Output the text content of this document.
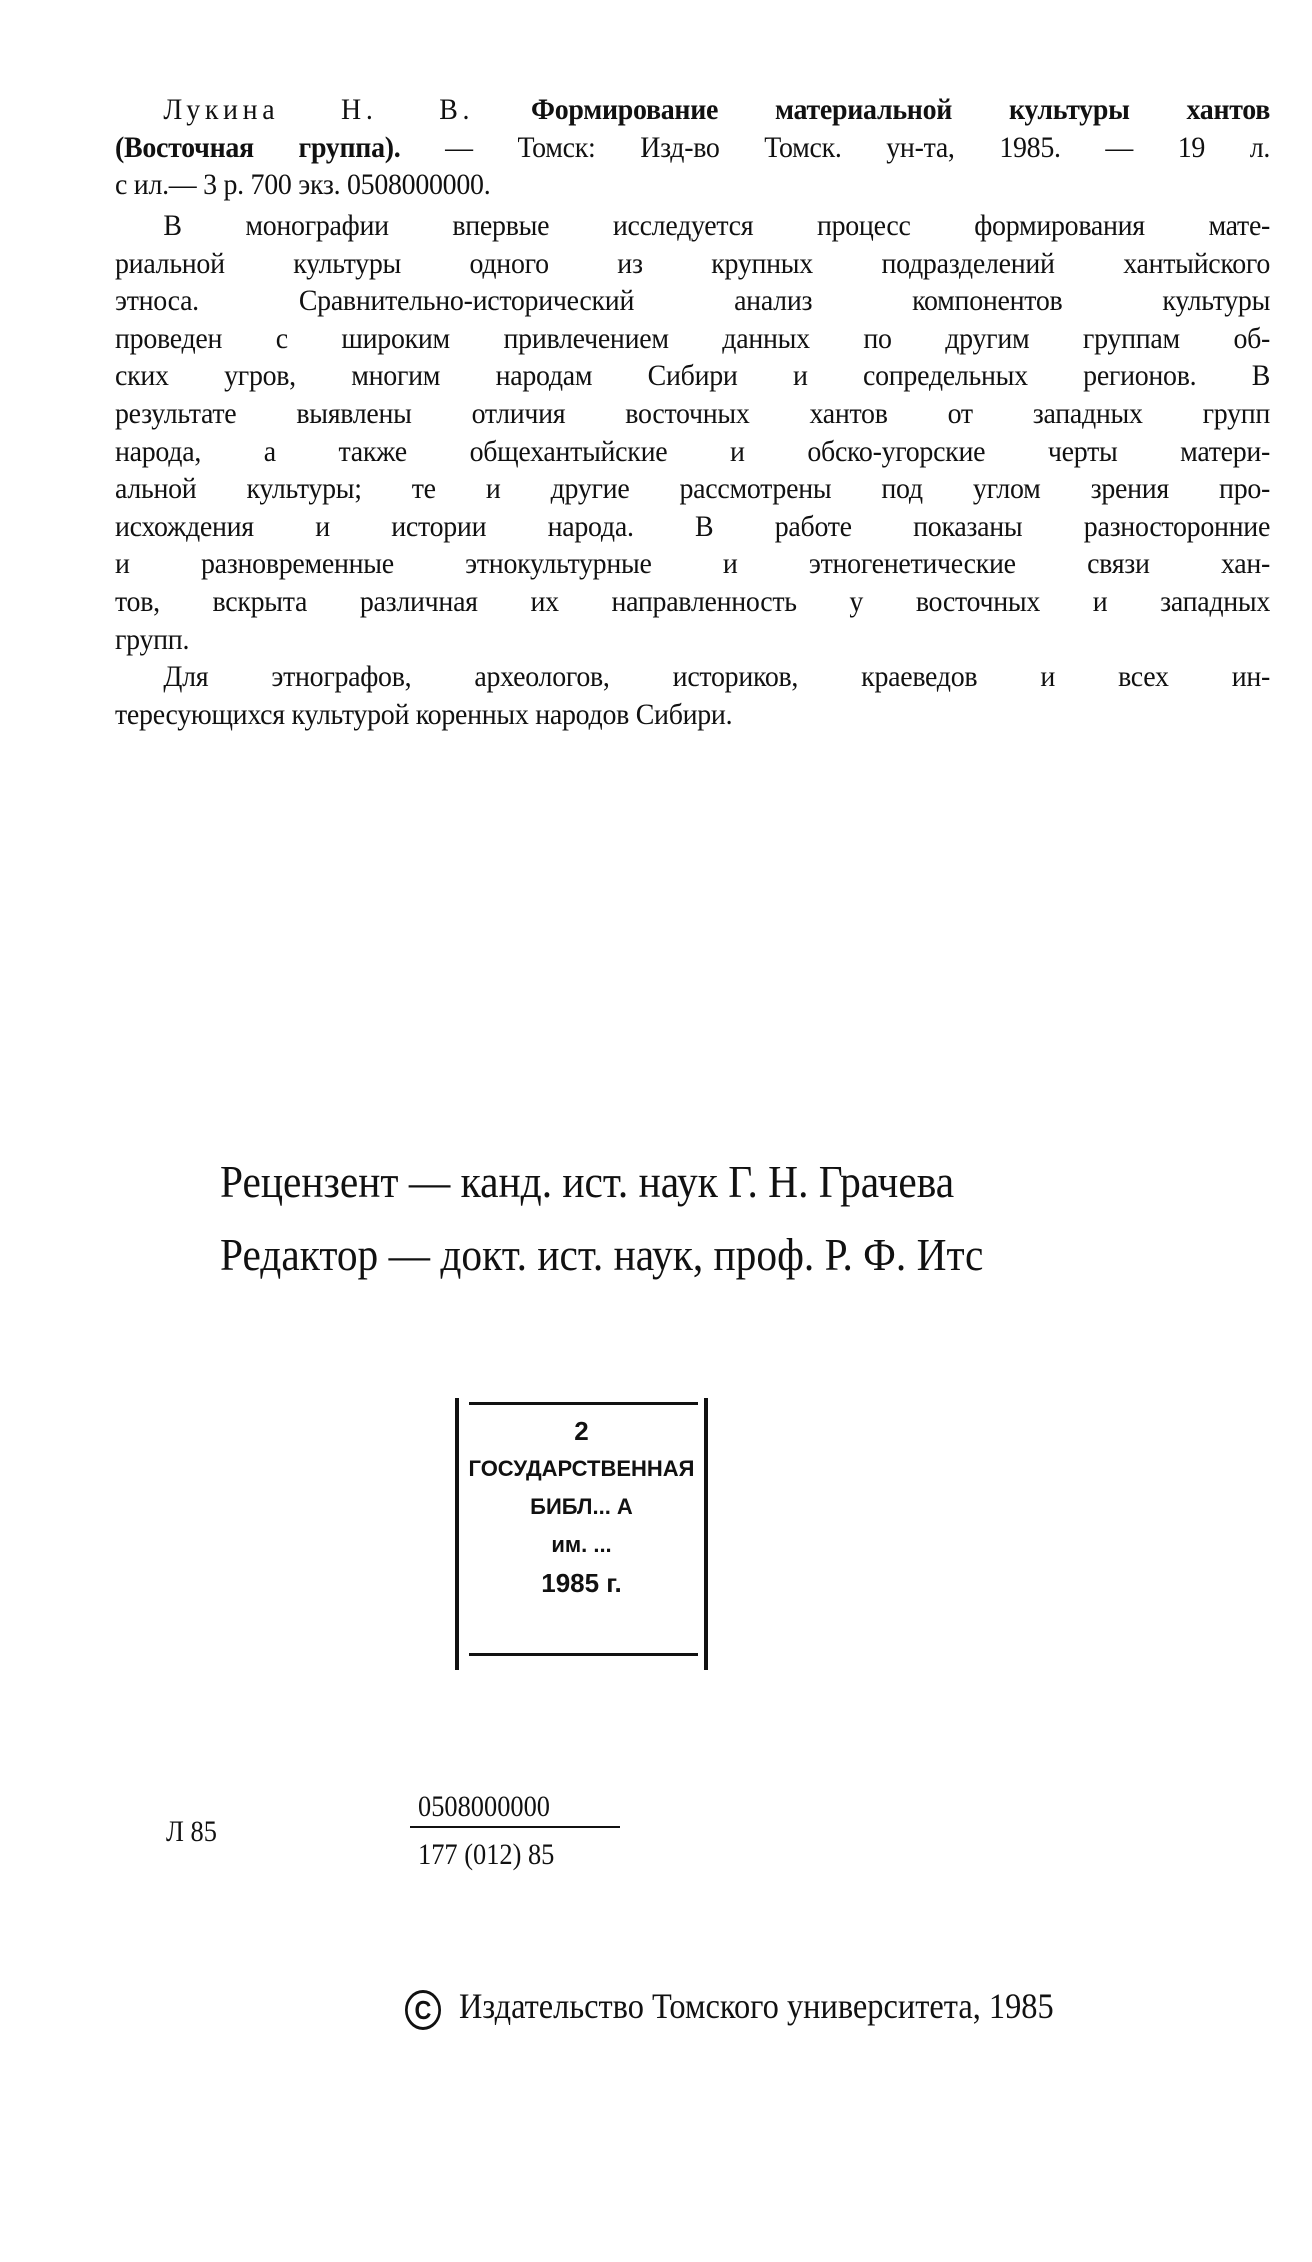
Лукина Н. В. Формирование материальной культуры хантов
(Восточная группа). — Томск: Изд-во Томск. ун-та, 1985. — 19 л.
с ил.— 3 р. 700 экз. 0508000000.
В монографии впервые исследуется процесс формирования мате-
риальной культуры одного из крупных подразделений хантыйского
этноса. Сравнительно-исторический анализ компонентов культуры
проведен с широким привлечением данных по другим группам об-
ских угров, многим народам Сибири и сопредельных регионов. В
результате выявлены отличия восточных хантов от западных групп
народа, а также общехантыйские и обско-угорские черты матери-
альной культуры; те и другие рассмотрены под углом зрения про-
исхождения и истории народа. В работе показаны разносторонние
и разновременные этнокультурные и этногенетические связи хан-
тов, вскрыта различная их направленность у восточных и западных
групп.
Для этнографов, археологов, историков, краеведов и всех ин-
тересующихся культурой коренных народов Сибири.
Рецензент — канд. ист. наук Г. Н. Грачева
Редактор — докт. ист. наук, проф. Р. Ф. Итс
2
ГОСУДАРСТВЕННАЯ
БИБЛ... А
им. ...
1985 г.
Л 85
0508000000
177 (012) 85
C Издательство Томского университета, 1985
